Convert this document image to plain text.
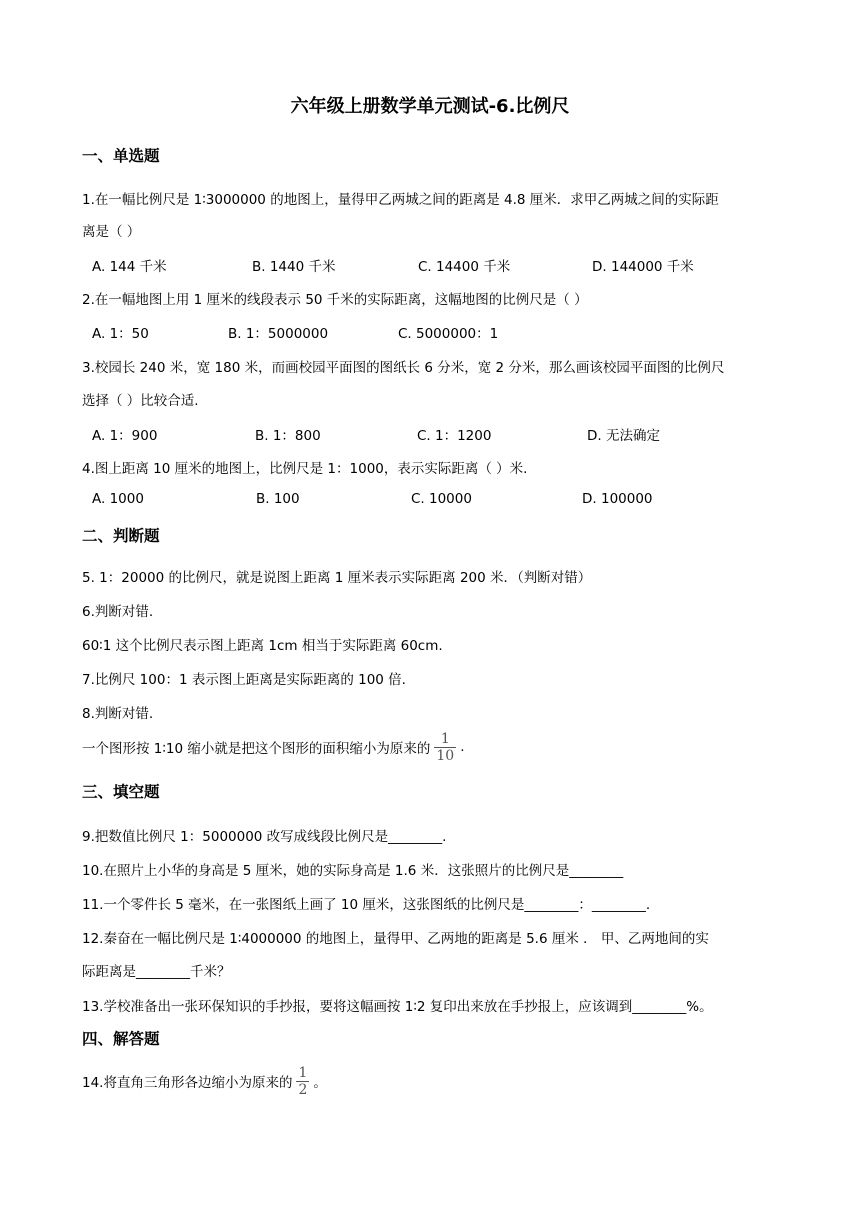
六年级上册数学单元测试-6.比例尺
一、单选题
1.在一幅比例尺是 1∶3000000 的地图上，量得甲乙两城之间的距离是 4.8 厘米．求甲乙两城之间的实际距
离是（ ）
A. 144 千米	B. 1440 千米	C. 14400 千米	D. 144000 千米
2.在一幅地图上用 1 厘米的线段表示 50 千米的实际距离，这幅地图的比例尺是（ ）
A. 1：50	B. 1：5000000	C. 5000000：1
3.校园长 240 米，宽 180 米，而画校园平面图的图纸长 6 分米，宽 2 分米，那么画该校园平面图的比例尺
选择（ ）比较合适.
A. 1：900	B. 1：800	C. 1：1200	D. 无法确定
4.图上距离 10 厘米的地图上，比例尺是 1：1000，表示实际距离（ ）米.
A. 1000	B. 100	C. 10000	D. 100000
二、判断题
5. 1：20000 的比例尺，就是说图上距离 1 厘米表示实际距离 200 米．（判断对错）
6.判断对错.
60∶1 这个比例尺表示图上距离 1cm 相当于实际距离 60cm.
7.比例尺 100：1 表示图上距离是实际距离的 100 倍.
8.判断对错.
一个图形按 1∶10 缩小就是把这个图形的面积缩小为原来的 $\frac{1}{10}$ .
三、填空题
9.把数值比例尺 1：5000000 改写成线段比例尺是________.
10.在照片上小华的身高是 5 厘米，她的实际身高是 1.6 米．这张照片的比例尺是________
11.一个零件长 5 毫米，在一张图纸上画了 10 厘米，这张图纸的比例尺是________：________.
12.秦奋在一幅比例尺是 1∶4000000 的地图上，量得甲、乙两地的距离是 5.6 厘米 ． 甲、乙两地间的实
际距离是________千米？
13.学校准备出一张环保知识的手抄报，要将这幅画按 1∶2 复印出来放在手抄报上，应该调到________%。
四、解答题
14.将直角三角形各边缩小为原来的 $\frac{1}{2}$ 。
